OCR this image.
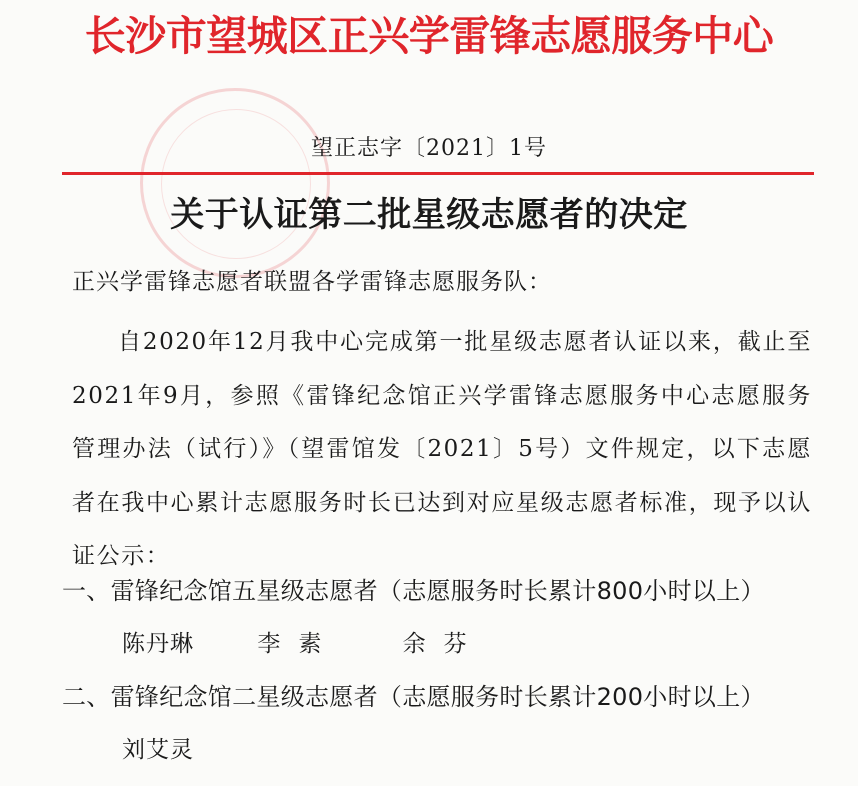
长沙市望城区正兴学雷锋志愿服务中心
望正志字〔2021〕1号
关于认证第二批星级志愿者的决定
正兴学雷锋志愿者联盟各学雷锋志愿服务队：
自2020年12月我中心完成第一批星级志愿者认证以来，截止至2021年9月，参照《雷锋纪念馆正兴学雷锋志愿服务中心志愿服务管理办法（试行）》（望雷馆发〔2021〕5号）文件规定，以下志愿者在我中心累计志愿服务时长已达到对应星级志愿者标准，现予以认证公示：
一、雷锋纪念馆五星级志愿者（志愿服务时长累计800小时以上）
陈丹琳	李素	余芬
二、雷锋纪念馆二星级志愿者（志愿服务时长累计200小时以上）
刘艾灵
